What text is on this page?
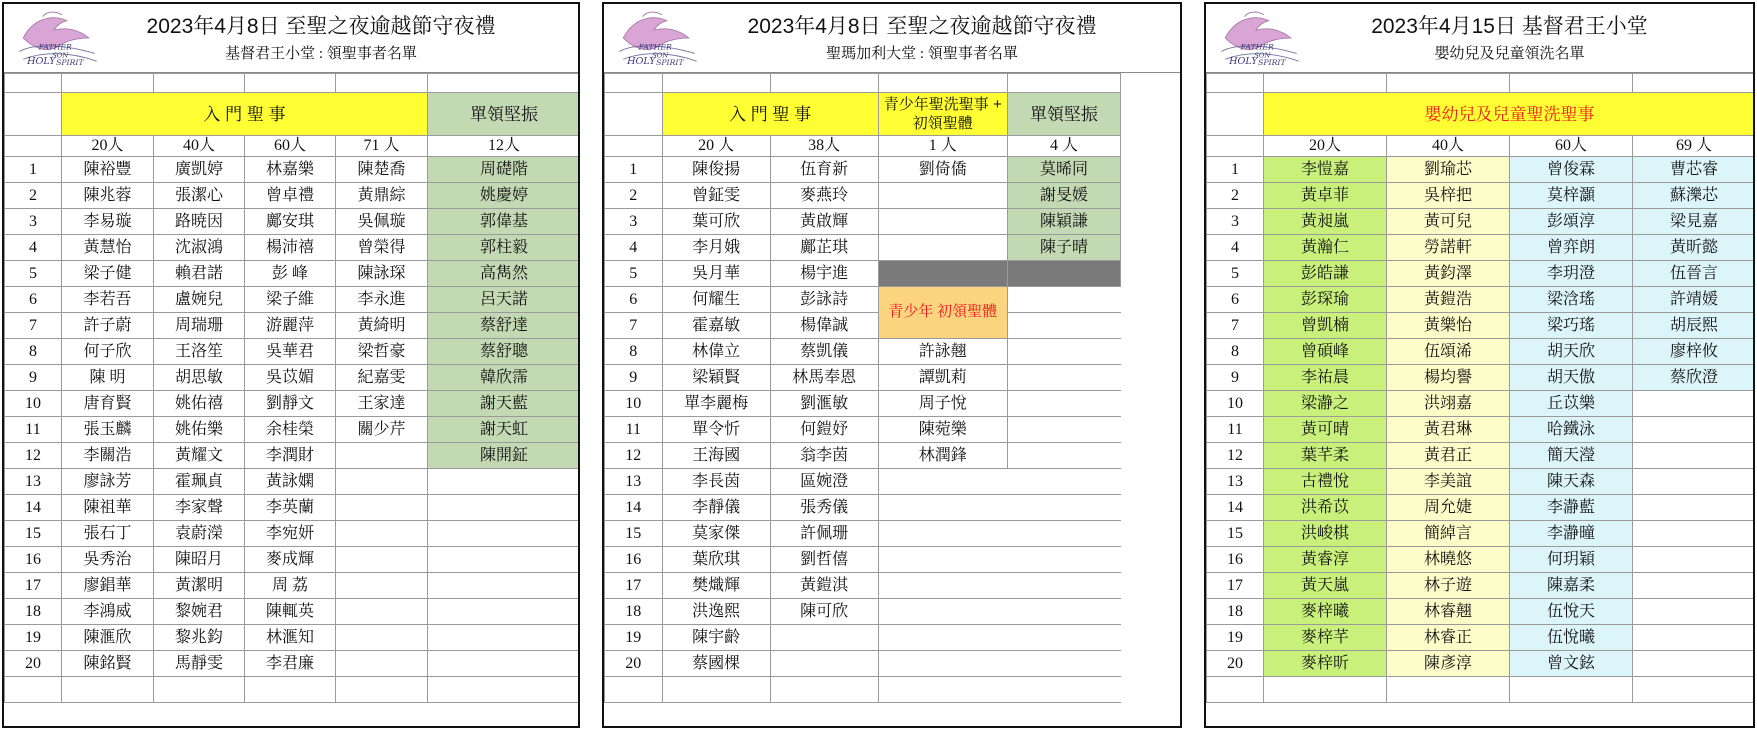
2023年4月8日 至聖之夜逾越節守夜禮
基督君王小堂 : 領聖事者名單

	入 門 聖 事				單領堅振
	20人	40人	60人	71 人	12人
1	陳裕豐	廣凱婷	林嘉樂	陳楚喬	周礎階
2	陳兆蓉	張潔心	曾卓禮	黃鼎綜	姚慶婷
3	李易璇	路暁因	鄺安琪	吳佩璇	郭偉基
4	黃慧怡	沈淑鴻	楊沛禧	曾榮得	郭柱毅
5	梁子健	賴君諾	彭 峰	陳詠琛	高雋然
6	李若吾	盧婉兒	梁子維	李永進	呂天諾
7	許子蔚	周瑞珊	游麗萍	黃綺明	蔡舒達
8	何子欣	王洛笙	吳華君	梁哲豪	蔡舒聰
9	陳 明	胡思敏	吳苡媚	紀嘉雯	韓欣霈
10	唐育賢	姚佑禧	劉靜文	王家達	謝天藍
11	張玉麟	姚佑樂	余桂榮	關少芹	謝天虹
12	李關浩	黃耀文	李潤財		陳開鉦
13	廖詠芳	霍珮貞	黃詠嫻		
14	陳祖華	李家聲	李英蘭		
15	張石丁	袁蔚濚	李宛妍		
16	吳秀治	陳昭月	麥成輝		
17	廖錩華	黃潔明	周 荔		
18	李鴻威	黎婉君	陳輒英		
19	陳滙欣	黎兆鈞	林滙知		
20	陳銘賢	馬靜雯	李君廉		

2023年4月8日 至聖之夜逾越節守夜禮
聖瑪加利大堂 : 領聖事者名單

	入 門 聖 事		青少年聖洗聖事 + 初領聖體	單領堅振
	20 人	38人	1 人	4 人
1	陳俊揚	伍育新	劉倚僑	莫晞同
2	曾鉦雯	麥燕玲		謝旻媛
3	葉可欣	黃啟輝		陳穎謙
4	李月娥	鄺芷琪		陳子晴
5	吳月華	楊宇進		
6	何耀生	彭詠詩	青少年 初領聖體	
7	霍嘉敏	楊偉誠		
8	林偉立	蔡凱儀	許詠翹	
9	梁穎賢	林馬奉恩	譚凱莉	
10	單李麗梅	劉滙敏	周子悅	
11	單令忻	何鎧妤	陳菀樂	
12	王海國	翁李茵	林潤鋒	
13	李長茵	區婉澄		
14	李靜儀	張秀儀		
15	莫家傑	許佩珊		
16	葉欣琪	劉哲僖		
17	樊熾輝	黃鎧淇		
18	洪逸熙	陳可欣		
19	陳宇齡			
20	蔡國棵			

2023年4月15日 基督君王小堂
嬰幼兒及兒童領洗名單

	嬰幼兒及兒童聖洗聖事			
	20人	40人	60人	69 人
1	李愷嘉	劉瑜芯	曾俊霖	曹芯睿
2	黃卓菲	吳梓把	莫梓灝	蘇濼芯
3	黃昶嵐	黃可兒	彭頌淳	梁見嘉
4	黃瀚仁	勞諾軒	曾弈朗	黃昕懿
5	彭皓謙	黃鈞澤	李玥澄	伍晉言
6	彭琛瑜	黃鎧浩	梁浛瑤	許靖媛
7	曾凱楠	黃樂怡	梁巧瑤	胡辰熙
8	曾碩峰	伍頌浠	胡天欣	廖梓攸
9	李祐晨	楊均譽	胡天傲	蔡欣澄
10	梁瀞之	洪翊嘉	丘苡樂	
11	黃可晴	黃君琳	哈鐵泳	
12	葉芊柔	黃君正	簡天瀅	
13	古禮悅	李美誼	陳天森	
14	洪希苡	周允婕	李瀞藍	
15	洪峻棋	簡綽言	李瀞曈	
16	黃睿淳	林曉悠	何玥穎	
17	黃天嵐	林子遊	陳嘉柔	
18	麥梓曦	林睿翹	伍悅天	
19	麥梓芊	林睿正	伍悅曦	
20	麥梓昕	陳彥淳	曾文鉉	
